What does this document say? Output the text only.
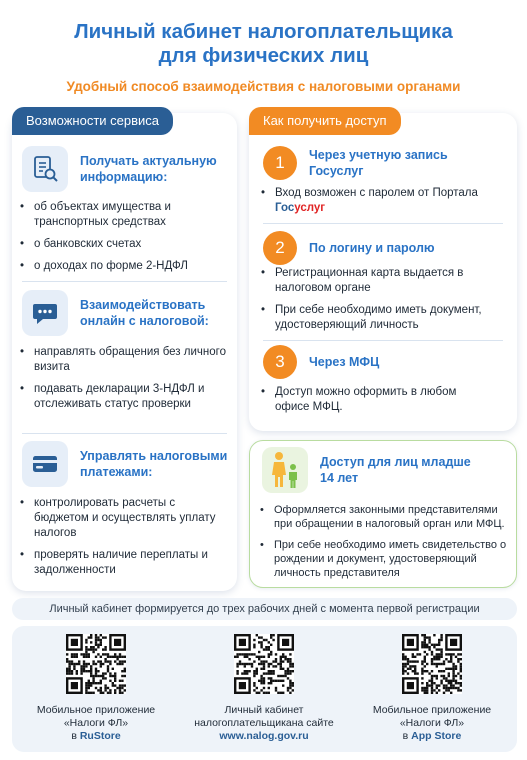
Личный кабинет налогоплательщика
для физических лиц
Удобный способ взаимодействия с налоговыми органами
Возможности сервиса
Получать актуальную
информацию:
• об объектах имущества и транспортных средствах
• о банковских счетах
• о доходах по форме 2-НДФЛ
Взаимодействовать
онлайн с налоговой:
• направлять обращения без личного визита
• подавать декларации 3-НДФЛ и отслеживать статус проверки
Управлять налоговыми
платежами:
• контролировать расчеты с бюджетом и осуществлять уплату налогов
• проверять наличие переплаты и задолженности
Как получить доступ
1	Через учетную запись
Госуслуг
• Вход возможен с паролем от Портала
Госуслуг
2	По логину и паролю
• Регистрационная карта выдается в налоговом органе
• При себе необходимо иметь документ, удостоверяющий личность
3	Через МФЦ
• Доступ можно оформить в любом офисе МФЦ.
Доступ для лиц младше
14 лет
• Оформляется законными представителями при обращении в налоговый орган или МФЦ.
• При себе необходимо иметь свидетельство о рождении и документ, удостоверяющий личность представителя
Личный кабинет формируется до трех рабочих дней с момента первой регистрации
Мобильное приложение
«Налоги ФЛ»
в RuStore
Личный кабинет
налогоплательщикана сайте
www.nalog.gov.ru
Мобильное приложение
«Налоги ФЛ»
в App Store
